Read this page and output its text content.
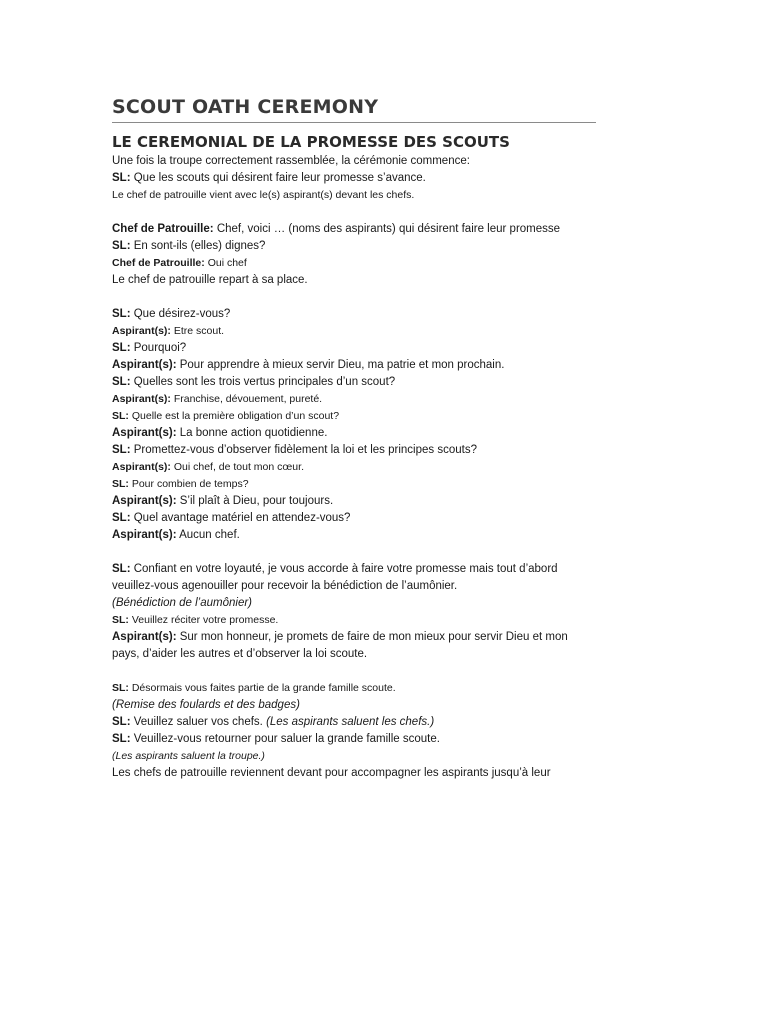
SCOUT OATH CEREMONY
LE CEREMONIAL DE LA PROMESSE DES SCOUTS
Une fois la troupe correctement rassemblée, la cérémonie commence:
SL: Que les scouts qui désirent faire leur promesse s’avance.
Le chef de patrouille vient avec le(s) aspirant(s) devant les chefs.
Chef de Patrouille: Chef, voici … (noms des aspirants) qui désirent faire leur promesse
SL: En sont-ils (elles) dignes?
Chef de Patrouille: Oui chef
Le chef de patrouille repart à sa place.
SL: Que désirez-vous?
Aspirant(s): Etre scout.
SL: Pourquoi?
Aspirant(s): Pour apprendre à mieux servir Dieu, ma patrie et mon prochain.
SL: Quelles sont les trois vertus principales d’un scout?
Aspirant(s): Franchise, dévouement, pureté.
SL: Quelle est la première obligation d’un scout?
Aspirant(s): La bonne action quotidienne.
SL: Promettez-vous d’observer fidèlement la loi et les principes scouts?
Aspirant(s): Oui chef, de tout mon cœur.
SL: Pour combien de temps?
Aspirant(s): S’il plaît à Dieu, pour toujours.
SL: Quel avantage matériel en attendez-vous?
Aspirant(s): Aucun chef.
SL: Confiant en votre loyauté, je vous accorde à faire votre promesse mais tout d’abord
veuillez-vous agenouiller pour recevoir la bénédiction de l’aumônier.
(Bénédiction de l’aumônier)
SL: Veuillez réciter votre promesse.
Aspirant(s): Sur mon honneur, je promets de faire de mon mieux pour servir Dieu et mon
pays, d’aider les autres et d’observer la loi scoute.
SL: Désormais vous faites partie de la grande famille scoute.
(Remise des foulards et des badges)
SL: Veuillez saluer vos chefs. (Les aspirants saluent les chefs.)
SL: Veuillez-vous retourner pour saluer la grande famille scoute.
(Les aspirants saluent la troupe.)
Les chefs de patrouille reviennent devant pour accompagner les aspirants jusqu’à leur
